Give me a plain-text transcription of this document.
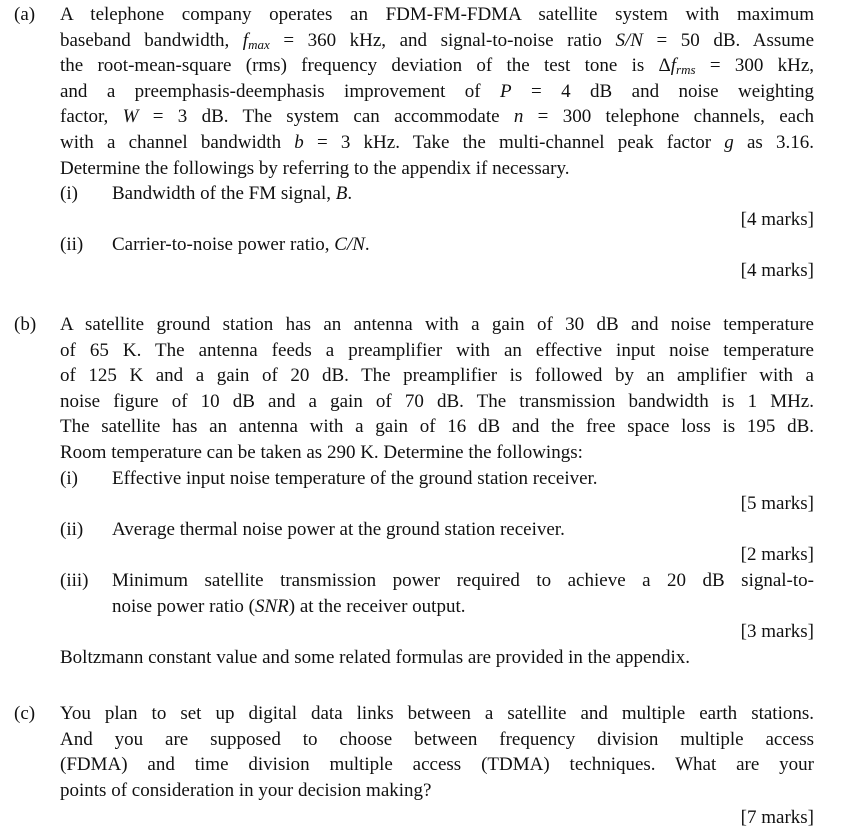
(a) A telephone company operates an FDM-FM-FDMA satellite system with maximum
baseband bandwidth, $f_{max} = 360$ kHz, and signal-to-noise ratio S/N = 50 dB. Assume
the root-mean-square (rms) frequency deviation of the test tone is $\Delta f_{rms} = 300$ kHz,
and a preemphasis-deemphasis improvement of P = 4 dB and noise weighting
factor, W = 3 dB. The system can accommodate n = 300 telephone channels, each
with a channel bandwidth b = 3 kHz. Take the multi-channel peak factor g as 3.16.
Determine the followings by referring to the appendix if necessary.
(i) Bandwidth of the FM signal, B.
[4 marks]
(ii) Carrier-to-noise power ratio, C/N.
[4 marks]
(b) A satellite ground station has an antenna with a gain of 30 dB and noise temperature
of 65 K. The antenna feeds a preamplifier with an effective input noise temperature
of 125 K and a gain of 20 dB. The preamplifier is followed by an amplifier with a
noise figure of 10 dB and a gain of 70 dB. The transmission bandwidth is 1 MHz.
The satellite has an antenna with a gain of 16 dB and the free space loss is 195 dB.
Room temperature can be taken as 290 K. Determine the followings:
(i) Effective input noise temperature of the ground station receiver.
[5 marks]
(ii) Average thermal noise power at the ground station receiver.
[2 marks]
(iii) Minimum satellite transmission power required to achieve a 20 dB signal-to-
noise power ratio (SNR) at the receiver output.
[3 marks]
Boltzmann constant value and some related formulas are provided in the appendix.
(c) You plan to set up digital data links between a satellite and multiple earth stations.
And you are supposed to choose between frequency division multiple access
(FDMA) and time division multiple access (TDMA) techniques. What are your
points of consideration in your decision making?
[7 marks]
